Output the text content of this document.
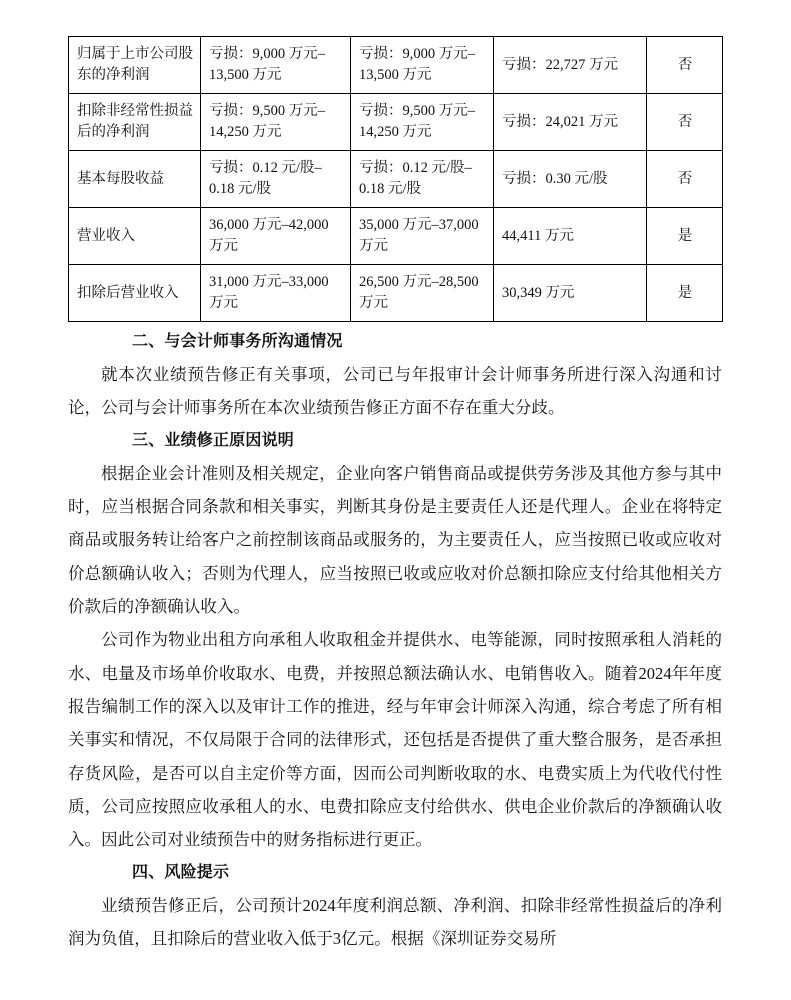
归属于上市公司股东的净利润	亏损：9,000 万元–13,500 万元	亏损：9,000 万元–13,500 万元	亏损：22,727 万元	否
扣除非经常性损益后的净利润	亏损：9,500 万元–14,250 万元	亏损：9,500 万元–14,250 万元	亏损：24,021 万元	否
基本每股收益	亏损：0.12 元/股–0.18 元/股	亏损：0.12 元/股–0.18 元/股	亏损：0.30 元/股	否
营业收入	36,000 万元–42,000 万元	35,000 万元–37,000 万元	44,411 万元	是
扣除后营业收入	31,000 万元–33,000 万元	26,500 万元–28,500 万元	30,349 万元	是
二、与会计师事务所沟通情况

就本次业绩预告修正有关事项，公司已与年报审计会计师事务所进行深入沟通和讨论，公司与会计师事务所在本次业绩预告修正方面不存在重大分歧。

三、业绩修正原因说明

根据企业会计准则及相关规定，企业向客户销售商品或提供劳务涉及其他方参与其中时，应当根据合同条款和相关事实，判断其身份是主要责任人还是代理人。企业在将特定商品或服务转让给客户之前控制该商品或服务的，为主要责任人，应当按照已收或应收对价总额确认收入；否则为代理人，应当按照已收或应收对价总额扣除应支付给其他相关方价款后的净额确认收入。

公司作为物业出租方向承租人收取租金并提供水、电等能源，同时按照承租人消耗的水、电量及市场单价收取水、电费，并按照总额法确认水、电销售收入。随着2024年年度报告编制工作的深入以及审计工作的推进，经与年审会计师深入沟通，综合考虑了所有相关事实和情况，不仅局限于合同的法律形式，还包括是否提供了重大整合服务，是否承担存货风险，是否可以自主定价等方面，因而公司判断收取的水、电费实质上为代收代付性质，公司应按照应收承租人的水、电费扣除应支付给供水、供电企业价款后的净额确认收入。因此公司对业绩预告中的财务指标进行更正。

四、风险提示

业绩预告修正后，公司预计2024年度利润总额、净利润、扣除非经常性损益后的净利润为负值，且扣除后的营业收入低于3亿元。根据《深圳证券交易所
